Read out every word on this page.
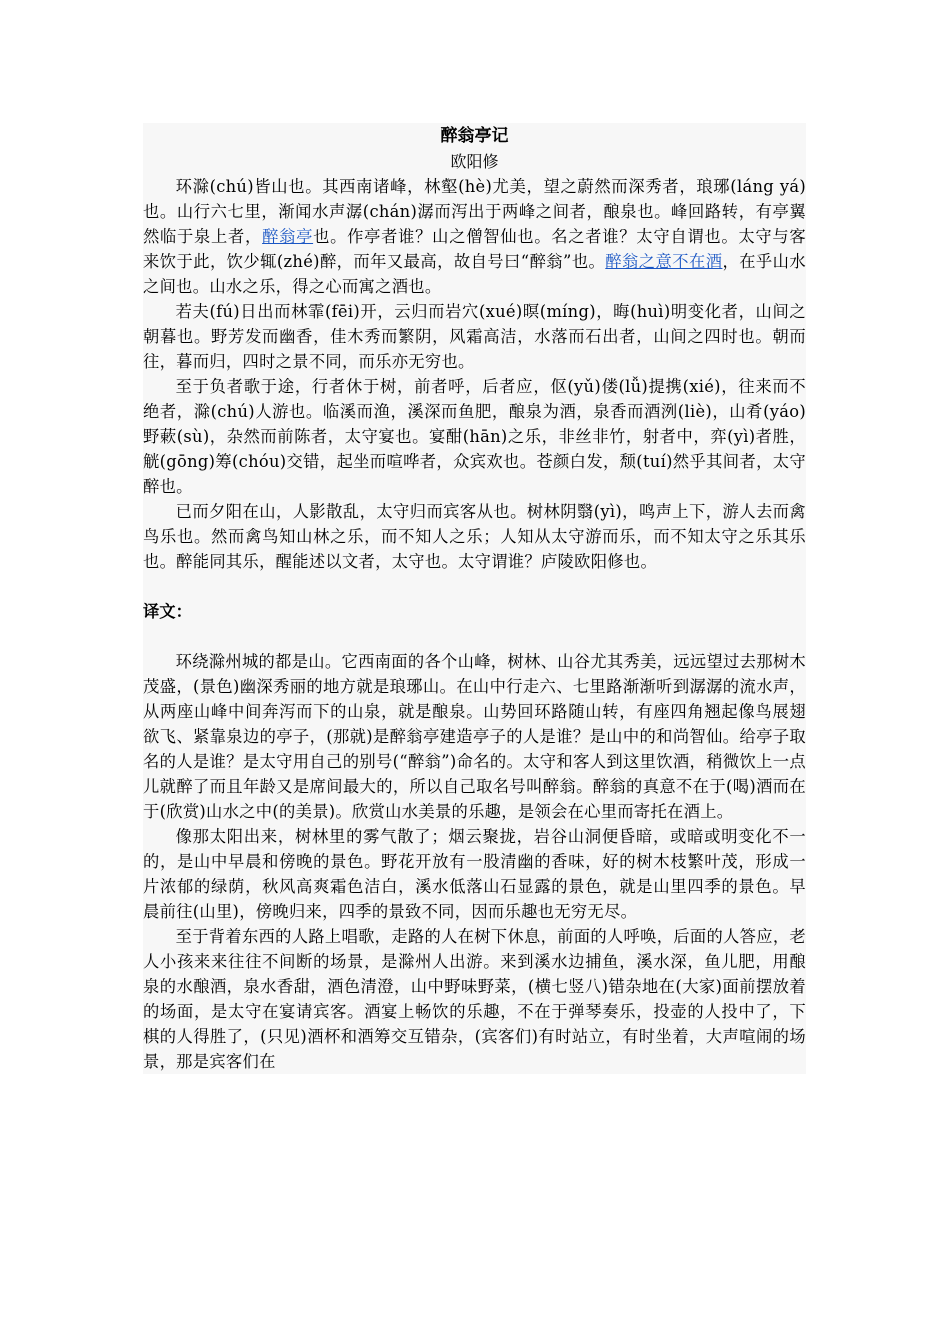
醉翁亭记
欧阳修

环滁(chú)皆山也。其西南诸峰，林壑(hè)尤美，望之蔚然而深秀者，琅琊(láng yá)也。山行六七里，渐闻水声潺(chán)潺而泻出于两峰之间者，酿泉也。峰回路转，有亭翼然临于泉上者，醉翁亭也。作亭者谁？山之僧智仙也。名之者谁？太守自谓也。太守与客来饮于此，饮少辄(zhé)醉，而年又最高，故自号曰“醉翁”也。醉翁之意不在酒，在乎山水之间也。山水之乐，得之心而寓之酒也。

若夫(fú)日出而林霏(fēi)开，云归而岩穴(xué)暝(míng)，晦(huì)明变化者，山间之朝暮也。野芳发而幽香，佳木秀而繁阴，风霜高洁，水落而石出者，山间之四时也。朝而往，暮而归，四时之景不同，而乐亦无穷也。

至于负者歌于途，行者休于树，前者呼，后者应，伛(yǔ)偻(lǚ)提携(xié)，往来而不绝者，滁(chú)人游也。临溪而渔，溪深而鱼肥，酿泉为酒，泉香而酒洌(liè)，山肴(yáo)野蔌(sù)，杂然而前陈者，太守宴也。宴酣(hān)之乐，非丝非竹，射者中，弈(yì)者胜，觥(gōng)筹(chóu)交错，起坐而喧哗者，众宾欢也。苍颜白发，颓(tuí)然乎其间者，太守醉也。

已而夕阳在山，人影散乱，太守归而宾客从也。树林阴翳(yì)，鸣声上下，游人去而禽鸟乐也。然而禽鸟知山林之乐，而不知人之乐；人知从太守游而乐，而不知太守之乐其乐也。醉能同其乐，醒能述以文者，太守也。太守谓谁？庐陵欧阳修也。

译文：

环绕滁州城的都是山。它西南面的各个山峰，树林、山谷尤其秀美，远远望过去那树木茂盛，(景色)幽深秀丽的地方就是琅琊山。在山中行走六、七里路渐渐听到潺潺的流水声，从两座山峰中间奔泻而下的山泉，就是酿泉。山势回环路随山转，有座四角翘起像鸟展翅欲飞、紧靠泉边的亭子，(那就)是醉翁亭建造亭子的人是谁？是山中的和尚智仙。给亭子取名的人是谁？是太守用自己的别号(“醉翁”)命名的。太守和客人到这里饮酒，稍微饮上一点儿就醉了而且年龄又是席间最大的，所以自己取名号叫醉翁。醉翁的真意不在于(喝)酒而在于(欣赏)山水之中(的美景)。欣赏山水美景的乐趣，是领会在心里而寄托在酒上。

像那太阳出来，树林里的雾气散了；烟云聚拢，岩谷山洞便昏暗，或暗或明变化不一的，是山中早晨和傍晚的景色。野花开放有一股清幽的香味，好的树木枝繁叶茂，形成一片浓郁的绿荫，秋风高爽霜色洁白，溪水低落山石显露的景色，就是山里四季的景色。早晨前往(山里)，傍晚归来，四季的景致不同，因而乐趣也无穷无尽。

至于背着东西的人路上唱歌，走路的人在树下休息，前面的人呼唤，后面的人答应，老人小孩来来往往不间断的场景，是滁州人出游。来到溪水边捕鱼，溪水深，鱼儿肥，用酿泉的水酿酒，泉水香甜，酒色清澄，山中野味野菜，(横七竖八)错杂地在(大家)面前摆放着的场面，是太守在宴请宾客。酒宴上畅饮的乐趣，不在于弹琴奏乐，投壶的人投中了，下棋的人得胜了，(只见)酒杯和酒筹交互错杂，(宾客们)有时站立，有时坐着，大声喧闹的场景，那是宾客们在
